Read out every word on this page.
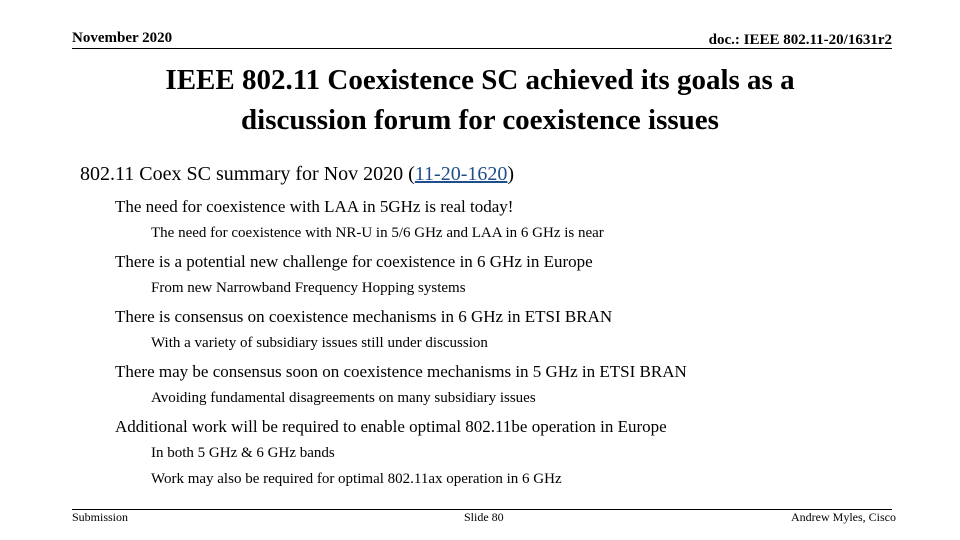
November 2020	doc.: IEEE 802.11-20/1631r2
IEEE 802.11 Coexistence SC achieved its goals as a
discussion forum for coexistence issues
802.11 Coex SC summary for Nov 2020 (11-20-1620)
The need for coexistence with LAA in 5GHz is real today!
The need for coexistence with NR-U in 5/6 GHz and LAA in 6 GHz is near
There is a potential new challenge for coexistence in 6 GHz in Europe
From new Narrowband Frequency Hopping systems
There is consensus on coexistence mechanisms in 6 GHz in ETSI BRAN
With a variety of subsidiary issues still under discussion
There may be consensus soon on coexistence mechanisms in 5 GHz in ETSI BRAN
Avoiding fundamental disagreements on many subsidiary issues
Additional work will be required to enable optimal 802.11be operation in Europe
In both 5 GHz & 6 GHz bands
Work may also be required for optimal 802.11ax operation in 6 GHz
Submission	Slide 80	Andrew Myles, Cisco
